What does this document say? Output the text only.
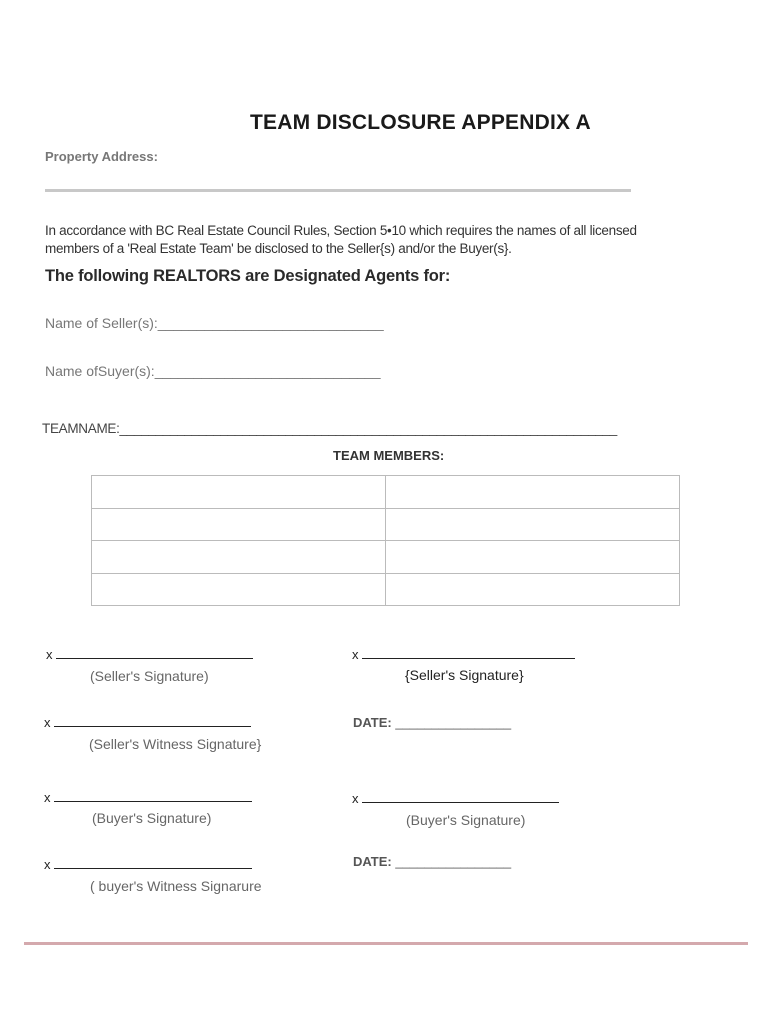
TEAM DISCLOSURE APPENDIX A
Property Address:
In accordance with BC Real Estate Council Rules, Section 5•10 which requires the names of all licensed
members of a 'Real Estate Team' be disclosed to the Seller{s) and/or the Buyer(s}.
The following REALTORS are Designated Agents for:
Name of Seller(s):_____________________________
Name ofSuyer(s):_____________________________
TEAMNAME:_____________________________________________________________________
TEAM MEMBERS:

x
(Seller's Signature)
x
{Seller's Signature}
x
(Seller's Witness Signature}
DATE: ________________
x
(Buyer's Signature)
x
(Buyer's Signature)
x
( buyer's Witness Signarure
DATE: ________________
